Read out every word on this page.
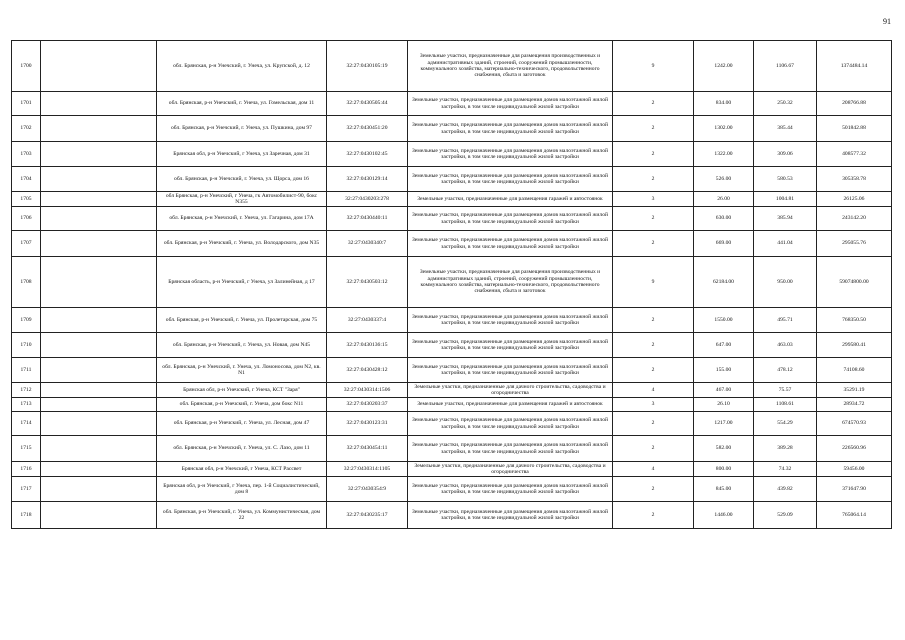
91
1700		обл. Брянская, р-н Унечский, г. Унеча, ул. Крупской, д. 12	32:27:0430105:19	Земельные участки, предназначенные для размещения производственных и административных зданий, строений, сооружений промышленности, коммунального хозяйства, материально-технического, продовольственного снабжения, сбыта и заготовок	9	1242.00	1106.67	1374484.14
1701		обл. Брянская, р-н Унечский, г. Унеча, ул. Гомельская, дом 11	32:27:0430505:44	Земельные участки, предназначенные для размещения домов малоэтажной жилой застройки, в том числе индивидуальной жилой застройки	2	834.00	250.32	208766.88
1702		обл. Брянская, р-н Унечский, г. Унеча, ул. Пушкина, дом 97	32:27:0430451:20	Земельные участки, предназначенные для размещения домов малоэтажной жилой застройки, в том числе индивидуальной жилой застройки	2	1302.00	385.44	501842.88
1703		Брянская обл, р-н Унечский, г Унеча, ул Заречная, дом 31	32:27:0430102:45	Земельные участки, предназначенные для размещения домов малоэтажной жилой застройки, в том числе индивидуальной жилой застройки	2	1322.00	309.06	408577.32
1704		обл. Брянская, р-н Унечский, г. Унеча, ул. Щорса, дом 16	32:27:0430129:14	Земельные участки, предназначенные для размещения домов малоэтажной жилой застройки, в том числе индивидуальной жилой застройки	2	526.00	580.53	305358.78
1705		обл Брянская, р-н Унечский, г Унеча, гк Автомобилист-90, бокс N355	32:27:0430203:278	Земельные участки, предназначенные для размещения гаражей и автостоянок	3	26.00	1004.81	26125.06
1706		обл. Брянская, р-н Унечский, г. Унеча, ул. Гагарина, дом 17А	32:27:0430440:11	Земельные участки, предназначенные для размещения домов малоэтажной жилой застройки, в том числе индивидуальной жилой застройки	2	630.00	385.94	243142.20
1707		обл. Брянская, р-н Унечский, г. Унеча, ул. Володарского, дом N35	32:27:0430340:7	Земельные участки, предназначенные для размещения домов малоэтажной жилой застройки, в том числе индивидуальной жилой застройки	2	669.00	441.04	295055.76
1708		Брянская область, р-н Унечский, г Унеча, ул Залинейная, д 17	32:27:0430503:12	Земельные участки, предназначенные для размещения производственных и административных зданий, строений, сооружений промышленности, коммунального хозяйства, материально-технического, продовольственного снабжения, сбыта и заготовок	9	62184.00	950.00	59074800.00
1709		обл. Брянская, р-н Унечский, г. Унеча, ул. Пролетарская, дом 75	32:27:0430337:4	Земельные участки, предназначенные для размещения домов малоэтажной жилой застройки, в том числе индивидуальной жилой застройки	2	1550.00	495.71	768350.50
1710		обл. Брянская, р-н Унечский, г. Унеча, ул. Новая, дом N45	32:27:0430136:15	Земельные участки, предназначенные для размещения домов малоэтажной жилой застройки, в том числе индивидуальной жилой застройки	2	647.00	463.03	299580.41
1711		обл. Брянская, р-н Унечский, г. Унеча, ул. Ломоносова, дом N2, кв. N1	32:27:0430428:12	Земельные участки, предназначенные для размещения домов малоэтажной жилой застройки, в том числе индивидуальной жилой застройки	2	155.00	478.12	74108.60
1712		Брянская обл, р-н Унечский, г Унеча, КСТ "Заря"	32:27:0430314:1506	Земельные участки, предназначенные для дачного строительства, садоводства и огородничества	4	467.00	75.57	35291.19
1713		обл. Брянская, р-н Унечский, г. Унеча, дом бокс N11	32:27:0430203:37	Земельные участки, предназначенные для размещения гаражей и автостоянок	3	26.10	1108.61	28934.72
1714		обл. Брянская, р-н Унечский, г. Унеча, ул. Лесная, дом 47	32:27:0430123:31	Земельные участки, предназначенные для размещения домов малоэтажной жилой застройки, в том числе индивидуальной жилой застройки	2	1217.00	554.29	674570.93
1715		обл. Брянская, р-н Унечский, г. Унеча, ул. С. Лазо, дом 11	32:27:0430454:11	Земельные участки, предназначенные для размещения домов малоэтажной жилой застройки, в том числе индивидуальной жилой застройки	2	582.00	389.28	226560.96
1716		Брянская обл, р-н Унечский, г Унеча, КСТ Рассвет	32:27:0430314:1105	Земельные участки, предназначенные для дачного строительства, садоводства и огородничества	4	800.00	74.32	59456.00
1717		Брянская обл, р-н Унечский, г Унеча, пер. 1-й Социалистический, дом 8	32:27:0430354:9	Земельные участки, предназначенные для размещения домов малоэтажной жилой застройки, в том числе индивидуальной жилой застройки	2	845.00	439.82	371647.90
1718		обл. Брянская, р-н Унечский, г. Унеча, ул. Коммунистическая, дом 22	32:27:0430235:17	Земельные участки, предназначенные для размещения домов малоэтажной жилой застройки, в том числе индивидуальной жилой застройки	2	1446.00	529.09	765064.14
